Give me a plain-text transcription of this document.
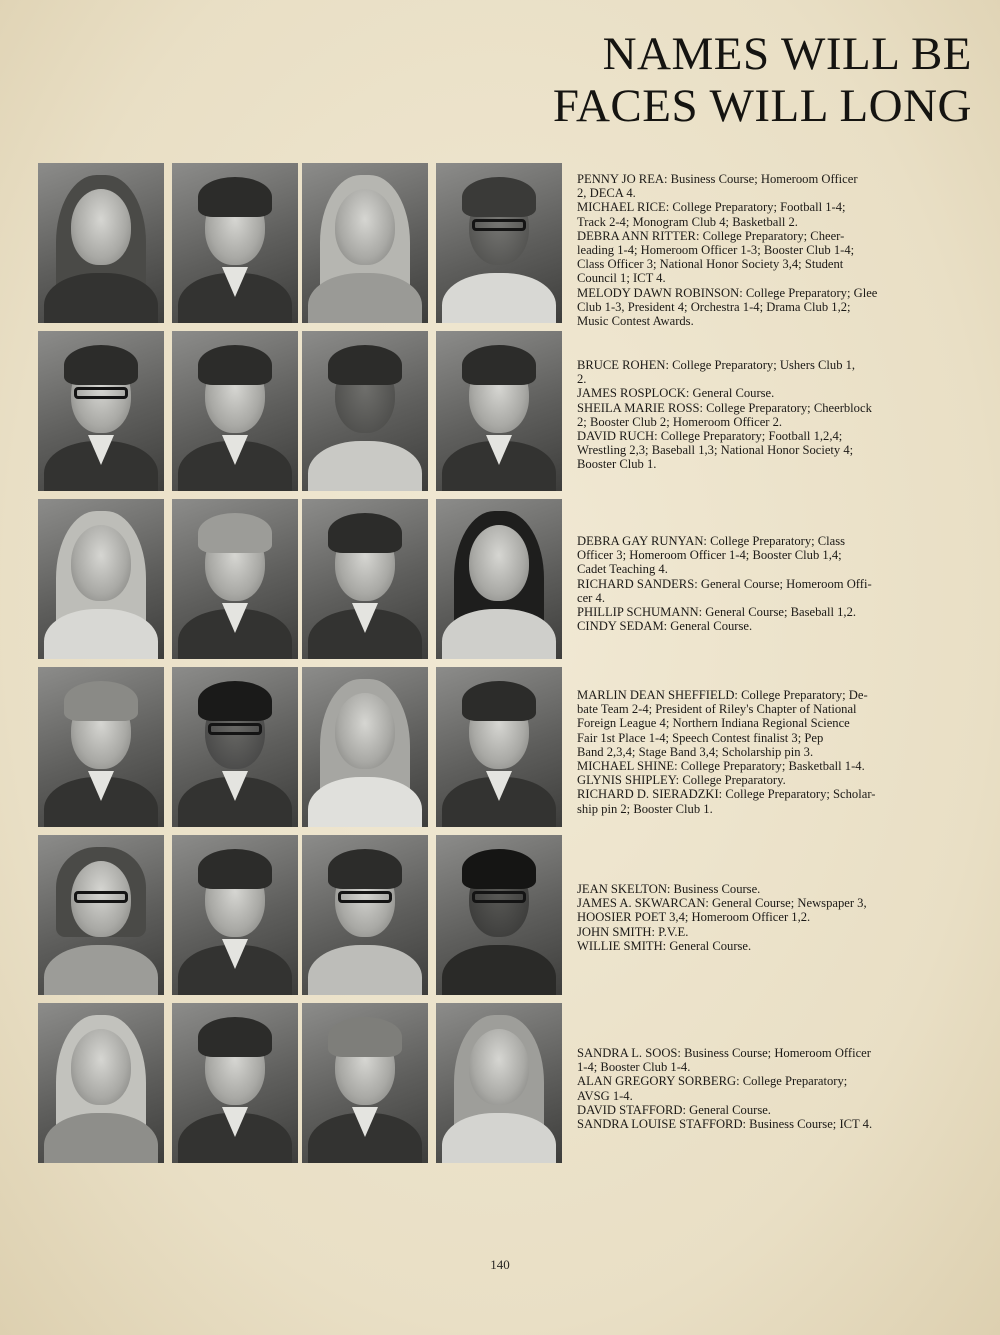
NAMES WILL BE
FACES WILL LONG

PENNY JO REA: Business Course; Homeroom Officer

2, DECA 4.

MICHAEL RICE: College Preparatory; Football 1-4;

Track 2-4; Monogram Club 4; Basketball 2.

DEBRA ANN RITTER: College Preparatory; Cheer-

leading 1-4; Homeroom Officer 1-3; Booster Club 1-4;

Class Officer 3; National Honor Society 3,4; Student

Council 1; ICT 4.

MELODY DAWN ROBINSON: College Preparatory; Glee

Club 1-3, President 4; Orchestra 1-4; Drama Club 1,2;

Music Contest Awards.

BRUCE ROHEN: College Preparatory; Ushers Club 1,

2.

JAMES ROSPLOCK: General Course.

SHEILA MARIE ROSS: College Preparatory; Cheerblock

2; Booster Club 2; Homeroom Officer 2.

DAVID RUCH: College Preparatory; Football 1,2,4;

Wrestling 2,3; Baseball 1,3; National Honor Society 4;

Booster Club 1.

DEBRA GAY RUNYAN: College Preparatory; Class

Officer 3; Homeroom Officer 1-4; Booster Club 1,4;

Cadet Teaching 4.

RICHARD SANDERS: General Course; Homeroom Offi-

cer 4.

PHILLIP SCHUMANN: General Course; Baseball 1,2.

CINDY SEDAM: General Course.

MARLIN DEAN SHEFFIELD: College Preparatory; De-

bate Team 2-4; President of Riley's Chapter of National

Foreign League 4; Northern Indiana Regional Science

Fair 1st Place 1-4; Speech Contest finalist 3; Pep

Band 2,3,4; Stage Band 3,4; Scholarship pin 3.

MICHAEL SHINE: College Preparatory; Basketball 1-4.

GLYNIS SHIPLEY: College Preparatory.

RICHARD D. SIERADZKI: College Preparatory; Scholar-

ship pin 2; Booster Club 1.

JEAN SKELTON: Business Course.

JAMES A. SKWARCAN: General Course; Newspaper 3,

HOOSIER POET 3,4; Homeroom Officer 1,2.

JOHN SMITH: P.V.E.

WILLIE SMITH: General Course.

SANDRA L. SOOS: Business Course; Homeroom Officer

1-4; Booster Club 1-4.

ALAN GREGORY SORBERG: College Preparatory;

AVSG 1-4.

DAVID STAFFORD: General Course.

SANDRA LOUISE STAFFORD: Business Course; ICT 4.

140
